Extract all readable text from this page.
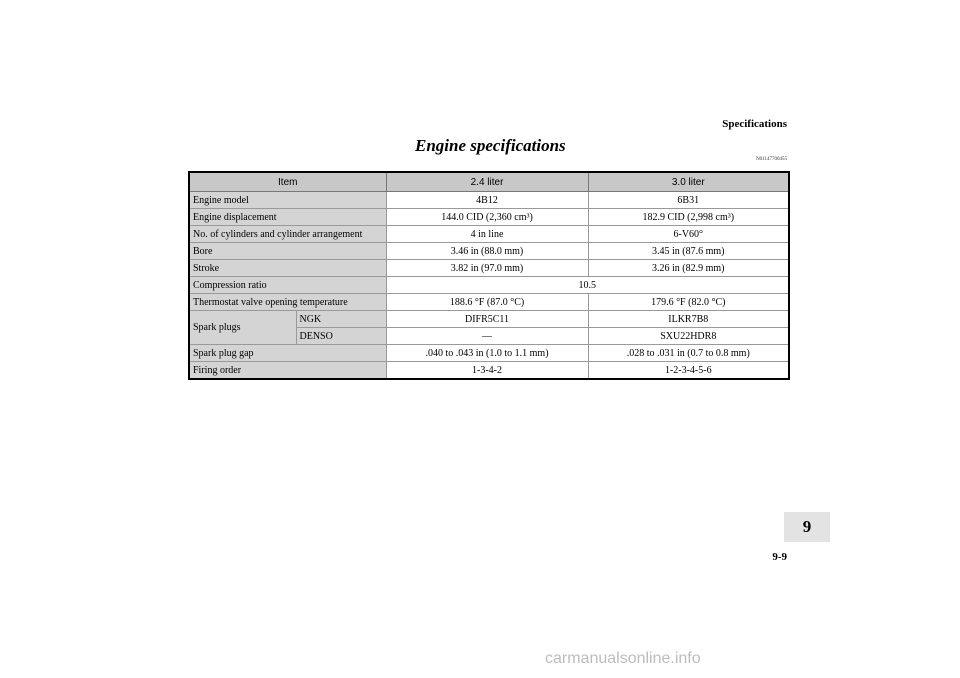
Specifications
Engine specifications
N01147700455
Item		2.4 liter	3.0 liter
Engine model		4B12	6B31
Engine displacement		144.0 CID (2,360 cm³)	182.9 CID (2,998 cm³)
No. of cylinders and cylinder arrangement		4 in line	6-V60°
Bore		3.46 in (88.0 mm)	3.45 in (87.6 mm)
Stroke		3.82 in (97.0 mm)	3.26 in (82.9 mm)
Compression ratio		10.5	
Thermostat valve opening temperature		188.6 °F (87.0 °C)	179.6 °F (82.0 °C)
Spark plugs	NGK	DIFR5C11	ILKR7B8
	DENSO	—	SXU22HDR8
Spark plug gap		.040 to .043 in (1.0 to 1.1 mm)	.028 to .031 in (0.7 to 0.8 mm)
Firing order		1-3-4-2	1-2-3-4-5-6
9
9-9
carmanualsonline.info
